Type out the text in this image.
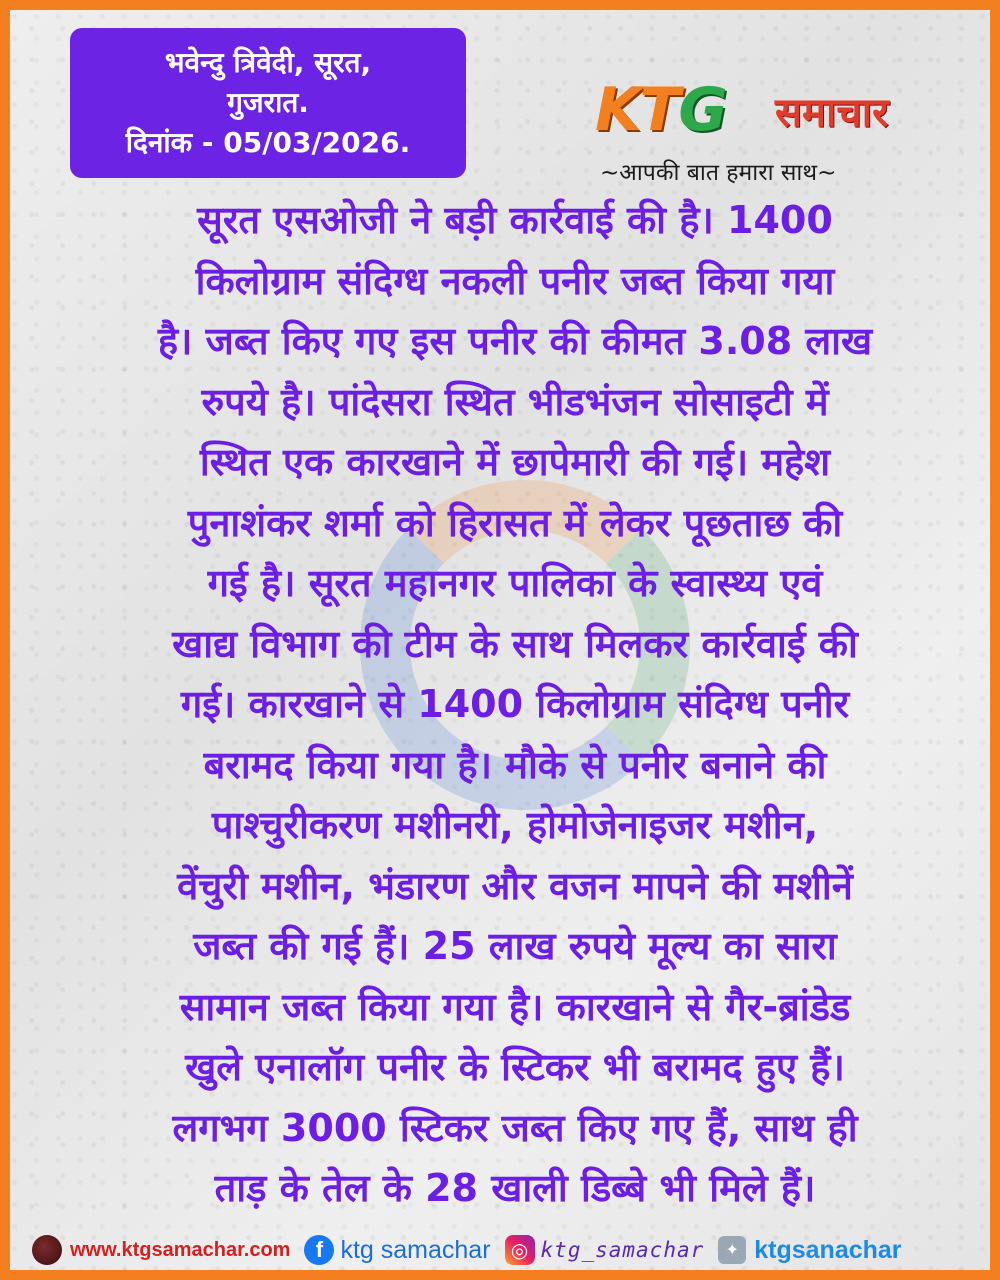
भवेन्दु त्रिवेदी, सूरत,
गुजरात.
दिनांक - 05/03/2026.	KTG समाचार
~आपकी बात हमारा साथ~
सूरत एसओजी ने बड़ी कार्रवाई की है। 1400
किलोग्राम संदिग्ध नकली पनीर जब्त किया गया
है। जब्त किए गए इस पनीर की कीमत 3.08 लाख
रुपये है। पांदेसरा स्थित भीडभंजन सोसाइटी में
स्थित एक कारखाने में छापेमारी की गई। महेश
पुनाशंकर शर्मा को हिरासत में लेकर पूछताछ की
गई है। सूरत महानगर पालिका के स्वास्थ्य एवं
खाद्य विभाग की टीम के साथ मिलकर कार्रवाई की
गई। कारखाने से 1400 किलोग्राम संदिग्ध पनीर
बरामद किया गया है। मौके से पनीर बनाने की
पाश्चुरीकरण मशीनरी, होमोजेनाइजर मशीन,
वेंचुरी मशीन, भंडारण और वजन मापने की मशीनें
जब्त की गई हैं। 25 लाख रुपये मूल्य का सारा
सामान जब्त किया गया है। कारखाने से गैर-ब्रांडेड
खुले एनालॉग पनीर के स्टिकर भी बरामद हुए हैं।
लगभग 3000 स्टिकर जब्त किए गए हैं, साथ ही
ताड़ के तेल के 28 खाली डिब्बे भी मिले हैं।
www.ktgsamachar.com	f ktg samachar	◎ ktg_samachar	✦ ktgsanachar
